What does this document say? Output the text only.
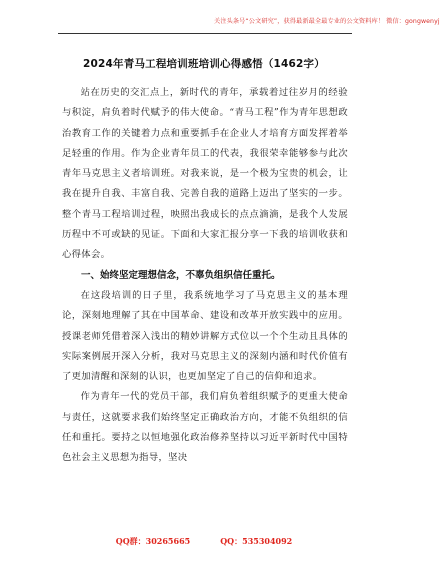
关注头条号“公文研究”，获得最新最全最专业的公文资料库！ 微信：gongwenyj
2024年青马工程培训班培训心得感悟（1462字）

站在历史的交汇点上，新时代的青年，承载着过往岁月的经验与积淀，肩负着时代赋予的伟大使命。“青马工程”作为青年思想政治教育工作的关键着力点和重要抓手在企业人才培育方面发挥着举足轻重的作用。作为企业青年员工的代表，我很荣幸能够参与此次青年马克思主义者培训班。对我来说，是一个极为宝贵的机会，让我在提升自我、丰富自我、完善自我的道路上迈出了坚实的一步。整个青马工程培训过程，映照出我成长的点点滴滴，是我个人发展历程中不可或缺的见证。下面和大家汇报分享一下我的培训收获和心得体会。

一、始终坚定理想信念，不辜负组织信任重托。

在这段培训的日子里，我系统地学习了马克思主义的基本理论，深刻地理解了其在中国革命、建设和改革开放实践中的应用。授课老师凭借着深入浅出的精妙讲解方式位以一个个生动且具体的实际案例展开深入分析，我对马克思主义的深刻内涵和时代价值有了更加清醒和深刻的认识，也更加坚定了自己的信仰和追求。

作为青年一代的党员干部，我们肩负着组织赋予的更重大使命与责任，这就要求我们始终坚定正确政治方向，才能不负组织的信任和重托。要持之以恒地强化政治修养坚持以习近平新时代中国特色社会主义思想为指导，坚决

QQ群：30265665	QQ：535304092
